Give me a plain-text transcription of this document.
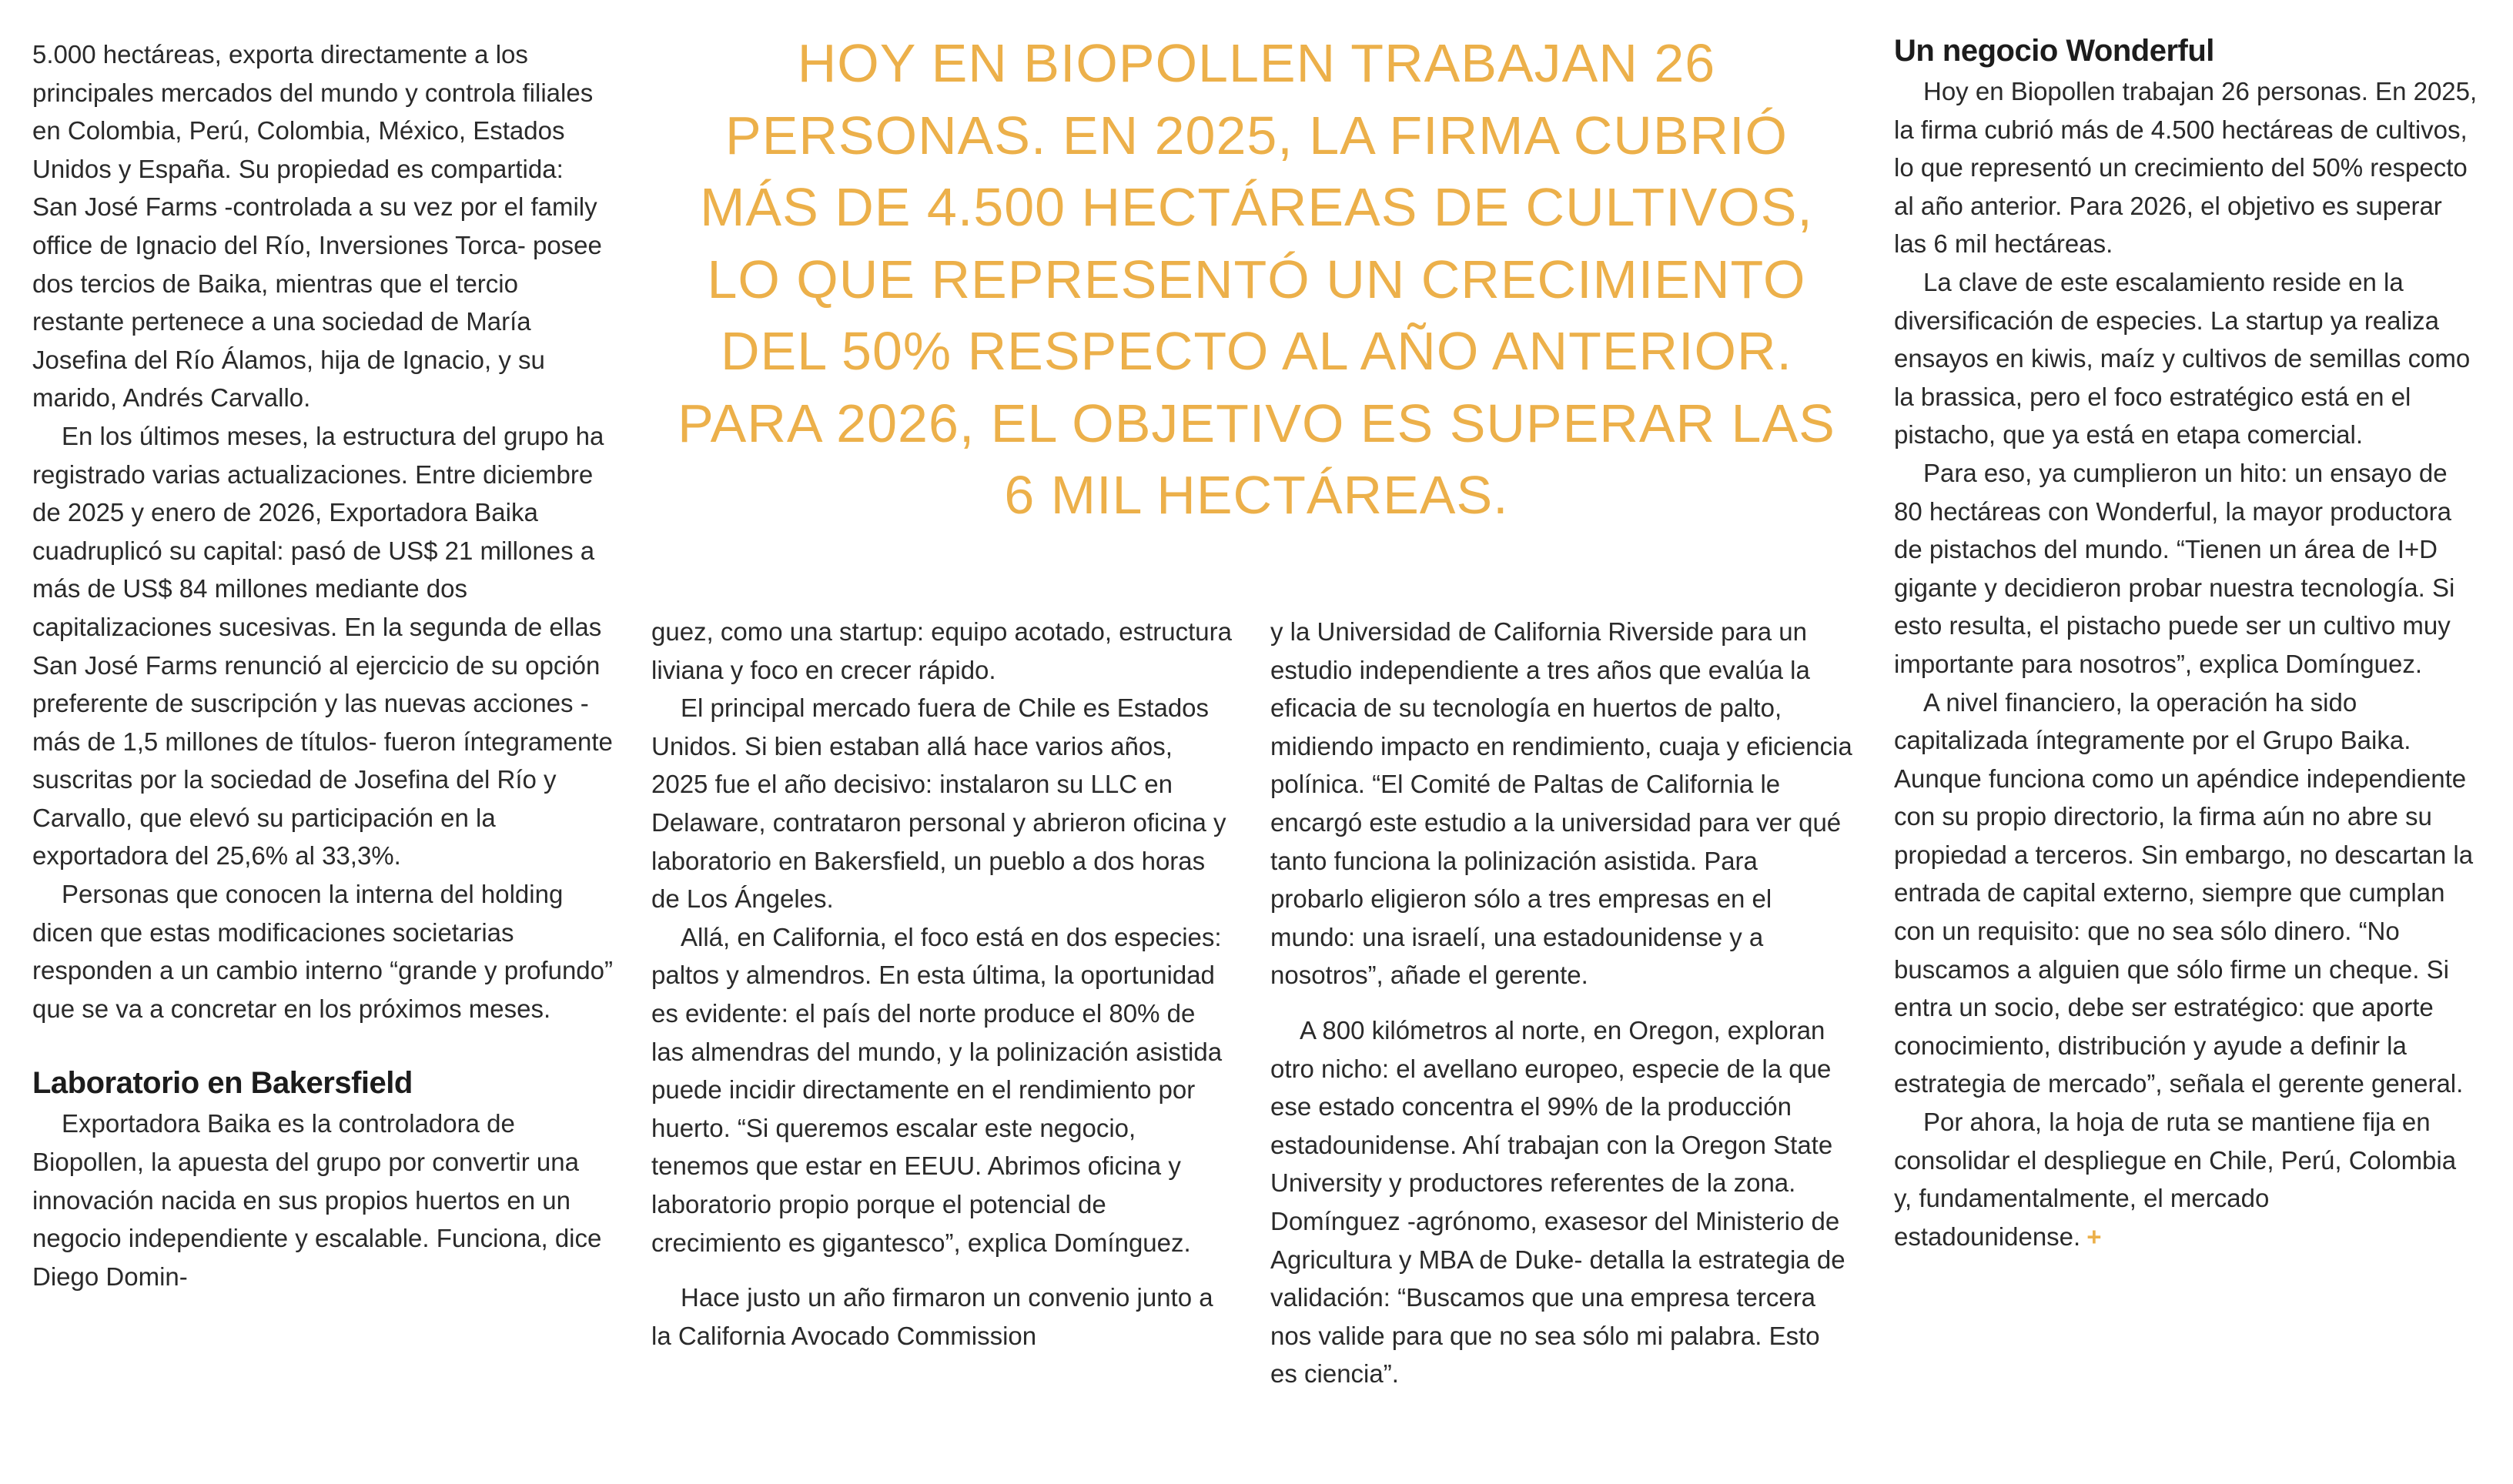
HOY EN BIOPOLLEN TRABAJAN 26
PERSONAS. EN 2025, LA FIRMA CUBRIÓ
MÁS DE 4.500 HECTÁREAS DE CULTIVOS,
LO QUE REPRESENTÓ UN CRECIMIENTO
DEL 50% RESPECTO AL AÑO ANTERIOR.
PARA 2026, EL OBJETIVO ES SUPERAR LAS
6 MIL HECTÁREAS.

5.000 hectáreas, exporta directamente a los principales mercados del mundo y controla filiales en Colombia, Perú, Colombia, México, Estados Unidos y España. Su propiedad es compartida: San José Farms -controlada a su vez por el family office de Ignacio del Río, Inversiones Torca- posee dos tercios de Baika, mientras que el tercio restante pertenece a una sociedad de María Josefina del Río Álamos, hija de Ignacio, y su marido, Andrés Carvallo.

En los últimos meses, la estructura del grupo ha registrado varias actualizaciones. Entre diciembre de 2025 y enero de 2026, Exportadora Baika cuadruplicó su capital: pasó de US$ 21 millones a más de US$ 84 millones mediante dos capitalizaciones sucesivas. En la segunda de ellas San José Farms renunció al ejercicio de su opción preferente de suscripción y las nuevas acciones -más de 1,5 millones de títulos- fueron íntegramente suscritas por la sociedad de Josefina del Río y Carvallo, que elevó su participación en la exportadora del 25,6% al 33,3%.

Personas que conocen la interna del holding dicen que estas modificaciones societarias responden a un cambio interno “grande y profundo” que se va a concretar en los próximos meses.

Laboratorio en Bakersfield

Exportadora Baika es la controladora de Biopollen, la apuesta del grupo por convertir una innovación nacida en sus propios huertos en un negocio independiente y escalable. Funciona, dice Diego Domin-

guez, como una startup: equipo acotado, estructura liviana y foco en crecer rápido.

El principal mercado fuera de Chile es Estados Unidos. Si bien estaban allá hace varios años, 2025 fue el año decisivo: instalaron su LLC en Delaware, contrataron personal y abrieron oficina y laboratorio en Bakersfield, un pueblo a dos horas de Los Ángeles.

Allá, en California, el foco está en dos especies: paltos y almendros. En esta última, la oportunidad es evidente: el país del norte produce el 80% de las almendras del mundo, y la polinización asistida puede incidir directamente en el rendimiento por huerto. “Si queremos escalar este negocio, tenemos que estar en EEUU. Abrimos oficina y laboratorio propio porque el potencial de crecimiento es gigantesco”, explica Domínguez.

Hace justo un año firmaron un convenio junto a la California Avocado Commission

y la Universidad de California Riverside para un estudio independiente a tres años que evalúa la eficacia de su tecnología en huertos de palto, midiendo impacto en rendimiento, cuaja y eficiencia polínica. “El Comité de Paltas de California le encargó este estudio a la universidad para ver qué tanto funciona la polinización asistida. Para probarlo eligieron sólo a tres empresas en el mundo: una israelí, una estadounidense y a nosotros”, añade el gerente.

A 800 kilómetros al norte, en Oregon, exploran otro nicho: el avellano europeo, especie de la que ese estado concentra el 99% de la producción estadounidense. Ahí trabajan con la Oregon State University y productores referentes de la zona. Domínguez -agrónomo, exasesor del Ministerio de Agricultura y MBA de Duke- detalla la estrategia de validación: “Buscamos que una empresa tercera nos valide para que no sea sólo mi palabra. Esto es ciencia”.

Un negocio Wonderful

Hoy en Biopollen trabajan 26 personas. En 2025, la firma cubrió más de 4.500 hectáreas de cultivos, lo que representó un crecimiento del 50% respecto al año anterior. Para 2026, el objetivo es superar las 6 mil hectáreas.

La clave de este escalamiento reside en la diversificación de especies. La startup ya realiza ensayos en kiwis, maíz y cultivos de semillas como la brassica, pero el foco estratégico está en el pistacho, que ya está en etapa comercial.

Para eso, ya cumplieron un hito: un ensayo de 80 hectáreas con Wonderful, la mayor productora de pistachos del mundo. “Tienen un área de I+D gigante y decidieron probar nuestra tecnología. Si esto resulta, el pistacho puede ser un cultivo muy importante para nosotros”, explica Domínguez.

A nivel financiero, la operación ha sido capitalizada íntegramente por el Grupo Baika. Aunque funciona como un apéndice independiente con su propio directorio, la firma aún no abre su propiedad a terceros. Sin embargo, no descartan la entrada de capital externo, siempre que cumplan con un requisito: que no sea sólo dinero. “No buscamos a alguien que sólo firme un cheque. Si entra un socio, debe ser estratégico: que aporte conocimiento, distribución y ayude a definir la estrategia de mercado”, señala el gerente general.

Por ahora, la hoja de ruta se mantiene fija en consolidar el despliegue en Chile, Perú, Colombia y, fundamentalmente, el mercado estadounidense. +
